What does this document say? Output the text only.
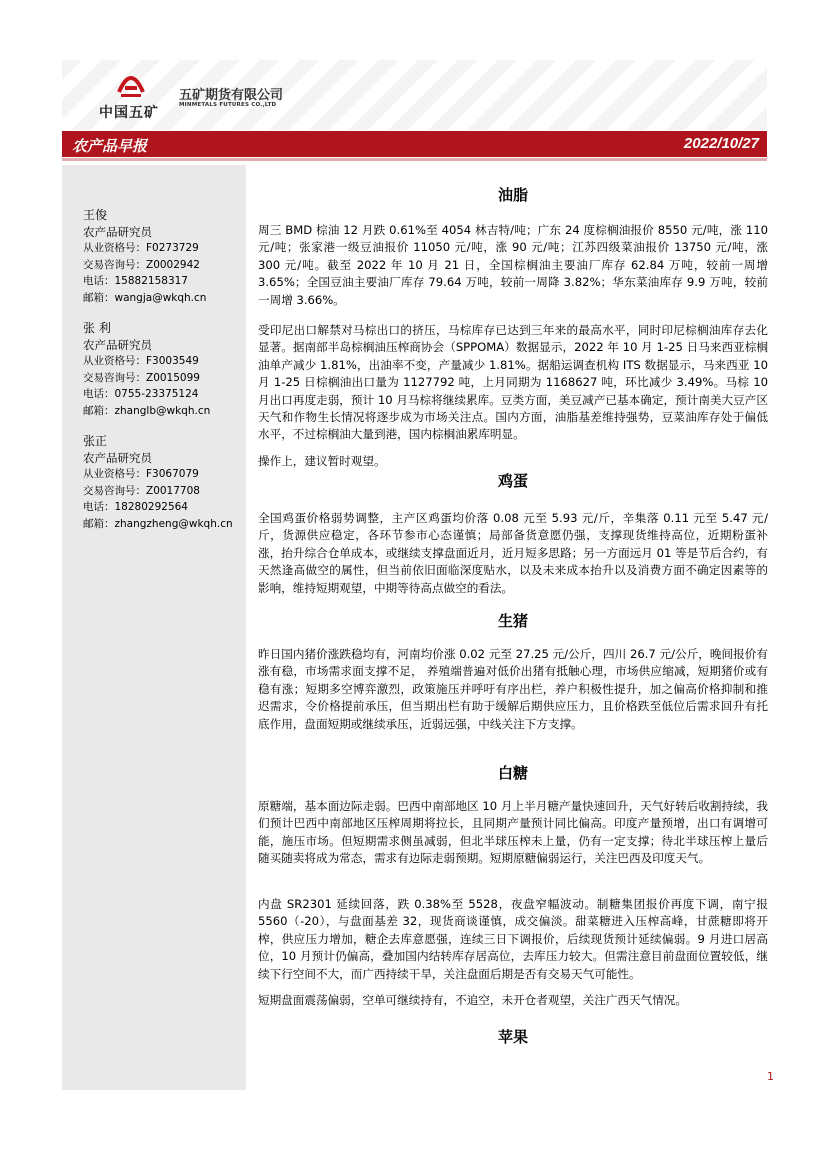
中国五矿
五矿期货有限公司
MINMETALS FUTURES CO.,LTD
农产品早报	2022/10/27
王俊
农产品研究员
从业资格号：F0273729
交易咨询号：Z0002942
电话：15882158317
邮箱：wangja@wkqh.cn
张 利
农产品研究员
从业资格号：F3003549
交易咨询号：Z0015099
电话：0755-23375124
邮箱：zhanglb@wkqh.cn
张正
农产品研究员
从业资格号：F3067079
交易咨询号：Z0017708
电话：18280292564
邮箱：zhangzheng@wkqh.cn
油脂
周三 BMD 棕油 12 月跌 0.61%至 4054 林吉特/吨；广东 24 度棕榈油报价 8550 元/吨，涨 110 元/吨；张家港一级豆油报价 11050 元/吨，涨 90 元/吨；江苏四级菜油报价 13750 元/吨，涨 300 元/吨。截至 2022 年 10 月 21 日，全国棕榈油主要油厂库存 62.84 万吨，较前一周增 3.65%；全国豆油主要油厂库存 79.64 万吨，较前一周降 3.82%；华东菜油库存 9.9 万吨，较前一周增 3.66%。
受印尼出口解禁对马棕出口的挤压，马棕库存已达到三年来的最高水平，同时印尼棕榈油库存去化显著。据南部半岛棕榈油压榨商协会（SPPOMA）数据显示，2022 年 10 月 1-25 日马来西亚棕榈油单产减少 1.81%，出油率不变，产量减少 1.81%。据船运调查机构 ITS 数据显示，马来西亚 10 月 1-25 日棕榈油出口量为 1127792 吨，上月同期为 1168627 吨，环比减少 3.49%。马棕 10 月出口再度走弱，预计 10 月马棕将继续累库。豆类方面，美豆减产已基本确定，预计南美大豆产区天气和作物生长情况将逐步成为市场关注点。国内方面，油脂基差维持强势，豆菜油库存处于偏低水平，不过棕榈油大量到港，国内棕榈油累库明显。
操作上，建议暂时观望。
鸡蛋
全国鸡蛋价格弱势调整，主产区鸡蛋均价落 0.08 元至 5.93 元/斤，辛集落 0.11 元至 5.47 元/斤，货源供应稳定，各环节参市心态谨慎；局部备货意愿仍强，支撑现货维持高位，近期粉蛋补涨，抬升综合仓单成本，或继续支撑盘面近月，近月短多思路；另一方面远月 01 等是节后合约，有天然逢高做空的属性，但当前依旧面临深度贴水，以及未来成本抬升以及消费方面不确定因素等的影响，维持短期观望，中期等待高点做空的看法。
生猪
昨日国内猪价涨跌稳均有，河南均价涨 0.02 元至 27.25 元/公斤，四川 26.7 元/公斤，晚间报价有涨有稳，市场需求面支撑不足， 养殖端普遍对低价出猪有抵触心理，市场供应缩减，短期猪价或有稳有涨；短期多空博弈激烈，政策施压并呼吁有序出栏，养户积极性提升，加之偏高价格抑制和推迟需求，令价格提前承压，但当期出栏有助于缓解后期供应压力，且价格跌至低位后需求回升有托底作用，盘面短期或继续承压，近弱远强，中线关注下方支撑。
白糖
原糖端，基本面边际走弱。巴西中南部地区 10 月上半月糖产量快速回升，天气好转后收割持续，我们预计巴西中南部地区压榨周期将拉长，且同期产量预计同比偏高。印度产量预增，出口有调增可能，施压市场。但短期需求侧虽减弱，但北半球压榨未上量，仍有一定支撑；待北半球压榨上量后随买随卖将成为常态，需求有边际走弱预期。短期原糖偏弱运行，关注巴西及印度天气。
内盘 SR2301 延续回落，跌 0.38%至 5528，夜盘窄幅波动。制糖集团报价再度下调，南宁报 5560（-20），与盘面基差 32，现货商谈谨慎，成交偏淡。甜菜糖进入压榨高峰，甘蔗糖即将开榨，供应压力增加，糖企去库意愿强，连续三日下调报价，后续现货预计延续偏弱。9 月进口居高位，10 月预计仍偏高，叠加国内结转库存居高位，去库压力较大。但需注意目前盘面位置较低，继续下行空间不大，而广西持续干旱，关注盘面后期是否有交易天气可能性。
短期盘面震荡偏弱，空单可继续持有，不追空，未开仓者观望，关注广西天气情况。
苹果
1
